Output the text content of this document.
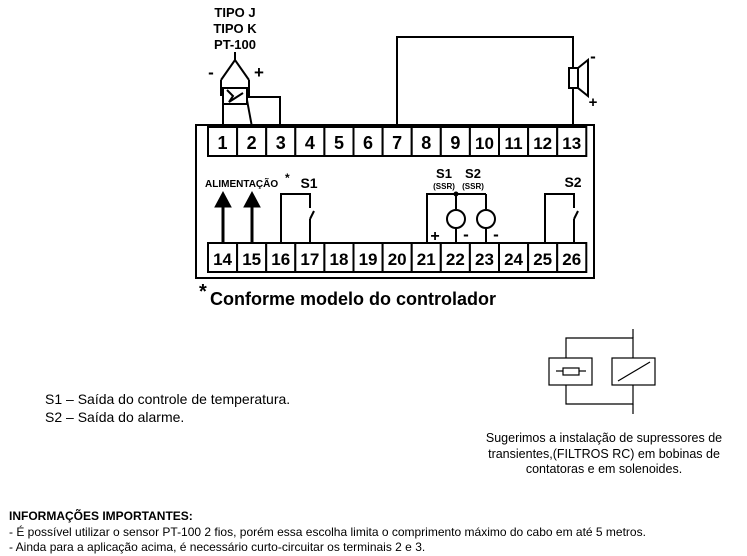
TIPO J
TIPO K
PT-100
- +
-
+
1 2 3 4 5 6 7 8 9 10 11 12 13
14 15 16 17 18 19 20 21 22 23 24 25 26
ALIMENTAÇÃO * S1
S1
(SSR)
S2
(SSR)
+ - -
S2
* Conforme modelo do controlador
S1 – Saída do controle de temperatura.
S2 – Saída do alarme.
Sugerimos a instalação de supressores de transientes,(FILTROS RC) em bobinas de contatoras e em solenoides.
INFORMAÇÕES IMPORTANTES:
- É possível utilizar o sensor PT-100 2 fios, porém essa escolha limita o comprimento máximo do cabo em até 5 metros.
- Ainda para a aplicação acima, é necessário curto-circuitar os terminais 2 e 3.
